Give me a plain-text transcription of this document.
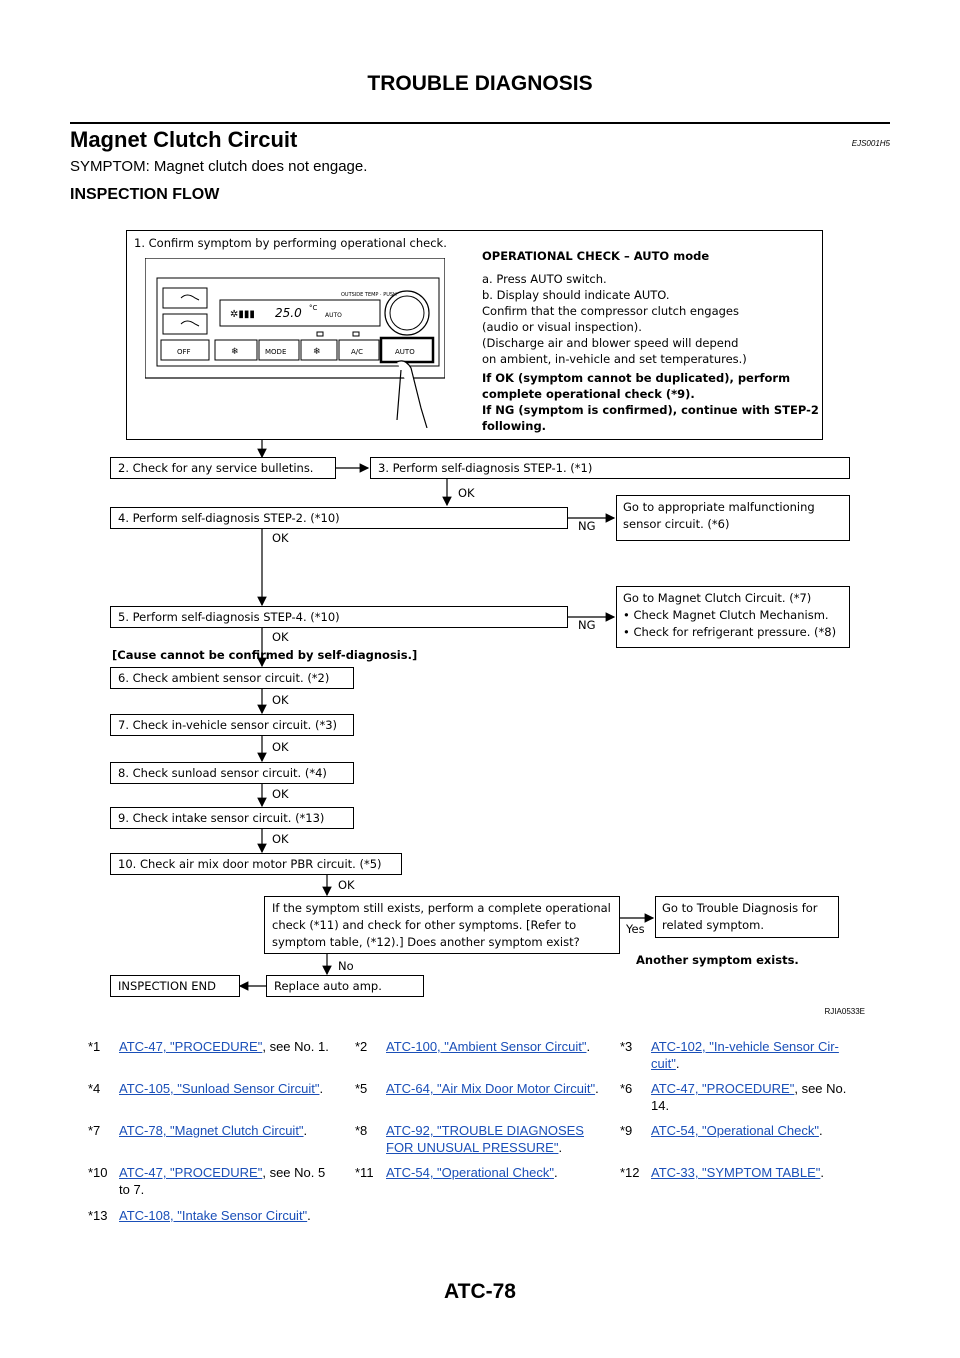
TROUBLE DIAGNOSIS
Magnet Clutch Circuit	EJS001H5
SYMPTOM: Magnet clutch does not engage.
INSPECTION FLOW
1. Confirm symptom by performing operational check.
OPERATIONAL CHECK – AUTO mode
a. Press AUTO switch.
b. Display should indicate AUTO.
Confirm that the compressor clutch engages
(audio or visual inspection).
(Discharge air and blower speed will depend
on ambient, in-vehicle and set temperatures.)
If OK (symptom cannot be duplicated), perform
complete operational check (*9).
If NG (symptom is confirmed), continue with STEP-2
following.
✲▮▮▮ 25.0 °C
AUTO
OUTSIDE TEMP · PUSH
OFF	❄	MODE	❄	A/C	AUTO
2. Check for any service bulletins.	3. Perform self-diagnosis STEP-1. (*1)
OK
4. Perform self-diagnosis STEP-2. (*10)
NG
Go to appropriate malfunctioning
sensor circuit. (*6)
OK
5. Perform self-diagnosis STEP-4. (*10)
NG
Go to Magnet Clutch Circuit. (*7)
• Check Magnet Clutch Mechanism.
• Check for refrigerant pressure. (*8)
OK
[Cause cannot be confirmed by self-diagnosis.]
6. Check ambient sensor circuit. (*2)
OK
7. Check in-vehicle sensor circuit. (*3)
OK
8. Check sunload sensor circuit. (*4)
OK
9. Check intake sensor circuit. (*13)
OK
10. Check air mix door motor PBR circuit. (*5)
OK
If the symptom still exists, perform a complete operational
check (*11) and check for other symptoms. [Refer to
symptom table, (*12).] Does another symptom exist?
Yes
Go to Trouble Diagnosis for
related symptom.
Another symptom exists.
No
Replace auto amp.
INSPECTION END
RJIA0533E
*1 ATC-47, "PROCEDURE", see No. 1.	*2 ATC-100, "Ambient Sensor Circuit".	*3 ATC-102, "In-vehicle Sensor Cir-
cuit".
*4 ATC-105, "Sunload Sensor Circuit".	*5 ATC-64, "Air Mix Door Motor Circuit".	*6 ATC-47, "PROCEDURE", see No.
14.
*7 ATC-78, "Magnet Clutch Circuit".	*8 ATC-92, "TROUBLE DIAGNOSES
FOR UNUSUAL PRESSURE".
*9 ATC-54, "Operational Check".
*10 ATC-47, "PROCEDURE", see No. 5
to 7.
*11 ATC-54, "Operational Check".	*12 ATC-33, "SYMPTOM TABLE".
*13 ATC-108, "Intake Sensor Circuit".
ATC-78
